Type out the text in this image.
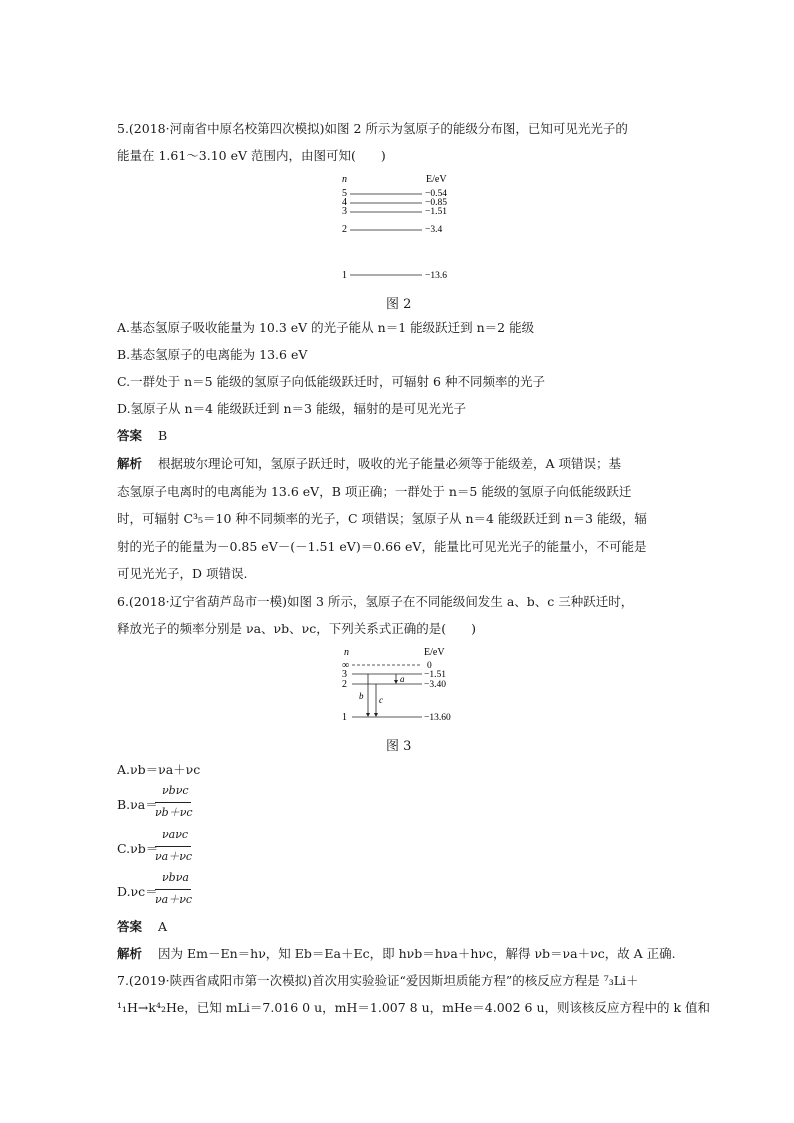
5.(2018·河南省中原名校第四次模拟)如图 2 所示为氢原子的能级分布图，已知可见光光子的
能量在 1.61～3.10 eV 范围内，由图可知(　　)
n	E/eV
5	−0.54
4	−0.85
3	−1.51
2	−3.4
1	−13.6
图 2
A.基态氢原子吸收能量为 10.3 eV 的光子能从 n＝1 能级跃迁到 n＝2 能级
B.基态氢原子的电离能为 13.6 eV
C.一群处于 n＝5 能级的氢原子向低能级跃迁时，可辐射 6 种不同频率的光子
D.氢原子从 n＝4 能级跃迁到 n＝3 能级，辐射的是可见光光子
答案 B
解析 根据玻尔理论可知，氢原子跃迁时，吸收的光子能量必须等于能级差，A 项错误；基
态氢原子电离时的电离能为 13.6 eV，B 项正确；一群处于 n＝5 能级的氢原子向低能级跃迁
时，可辐射 C³₅＝10 种不同频率的光子，C 项错误；氢原子从 n＝4 能级跃迁到 n＝3 能级，辐
射的光子的能量为－0.85 eV－(－1.51 eV)＝0.66 eV，能量比可见光光子的能量小，不可能是
可见光光子，D 项错误.
6.(2018·辽宁省葫芦岛市一模)如图 3 所示，氢原子在不同能级间发生 a、b、c 三种跃迁时，
释放光子的频率分别是 νa、νb、νc，下列关系式正确的是(　　)
n	E/eV
∞	0
3	−1.51
2	−3.40
1	−13.60
a
b c
图 3
A.νb＝νa＋νc
B.νa＝
νbνc
νb＋νc
C.νb＝
νaνc
νa＋νc
D.νc＝
νbνa
νa＋νc
答案 A
解析 因为 Em－En＝hν，知 Eb＝Ea＋Ec，即 hνb＝hνa＋hνc，解得 νb＝νa＋νc，故 A 正确.
7.(2019·陕西省咸阳市第一次模拟)首次用实验验证“爱因斯坦质能方程”的核反应方程是 ⁷₃Li＋
¹₁H→k⁴₂He，已知 mLi＝7.016 0 u，mH＝1.007 8 u，mHe＝4.002 6 u，则该核反应方程中的 k 值和
